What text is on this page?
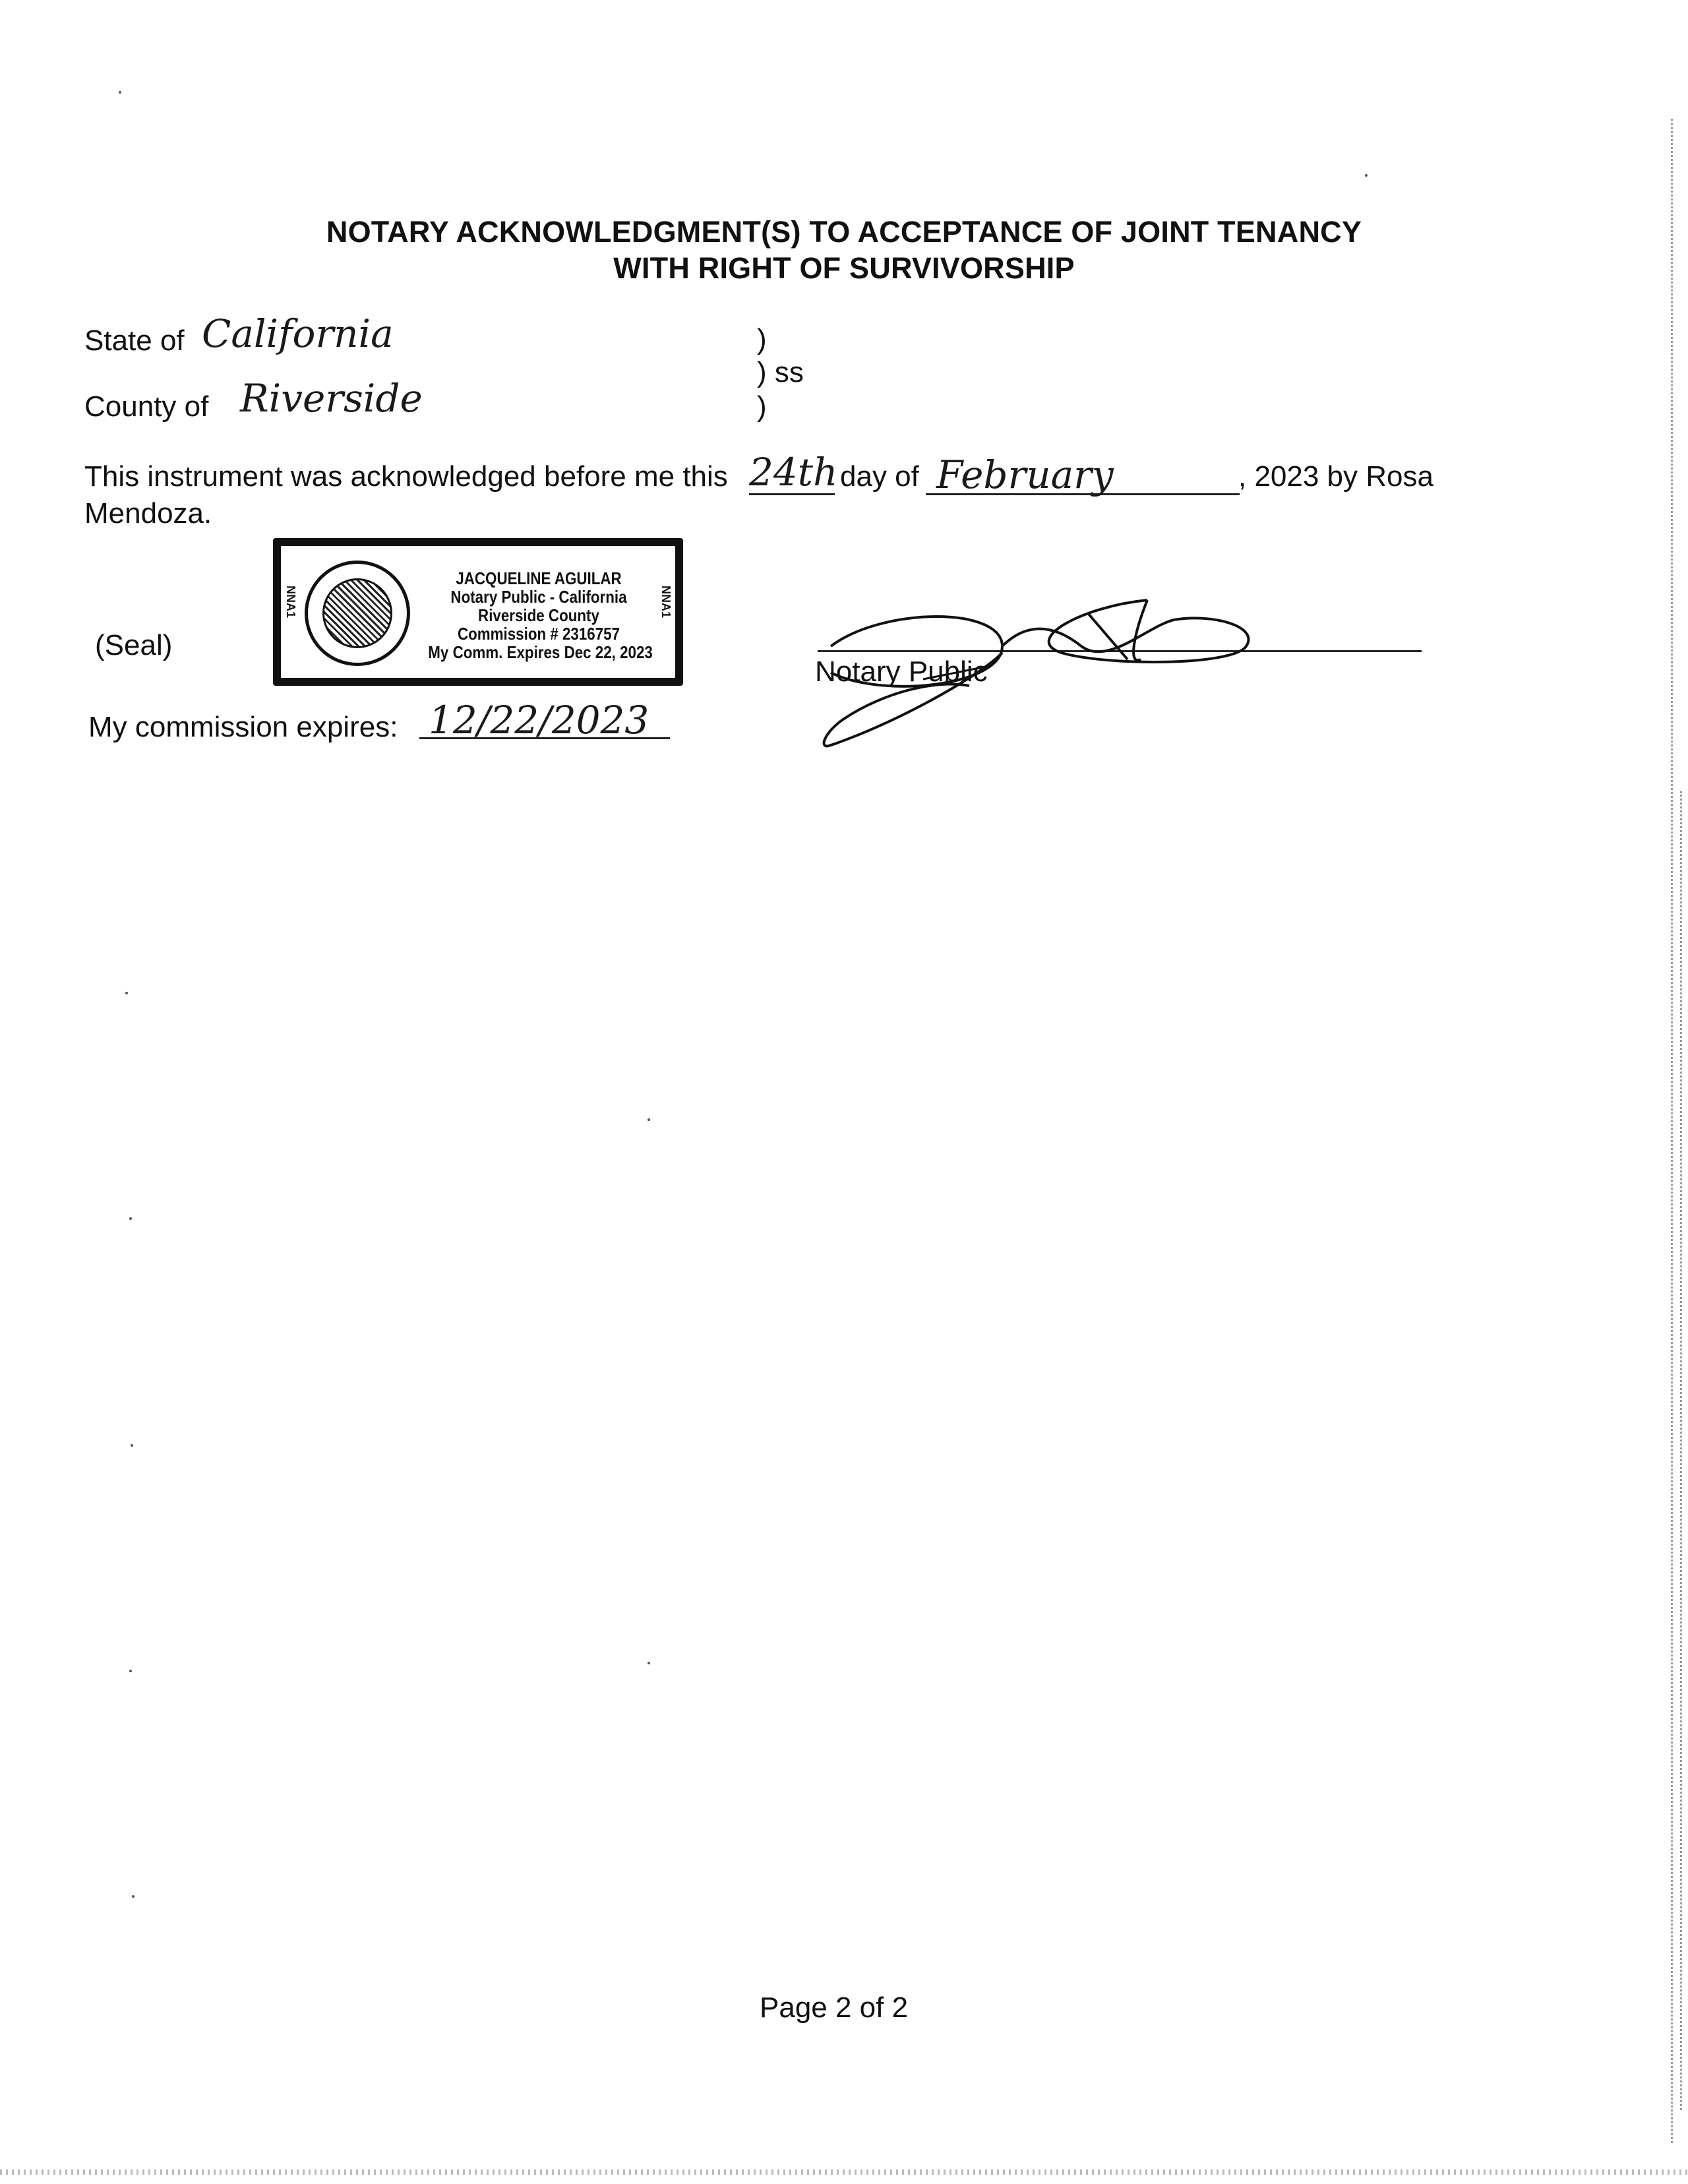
NOTARY ACKNOWLEDGMENT(S) TO ACCEPTANCE OF JOINT TENANCY
WITH RIGHT OF SURVIVORSHIP
State of California
County of Riverside
)
) ss
)
This instrument was acknowledged before me this 24th day of February	, 2023 by Rosa
Mendoza.
(Seal)
NNA1	NNA1
JACQUELINE AGUILAR
Notary Public - California
Riverside County
Commission # 2316757
My Comm. Expires Dec 22, 2023
Notary Public
My commission expires: 12/22/2023
Page 2 of 2
